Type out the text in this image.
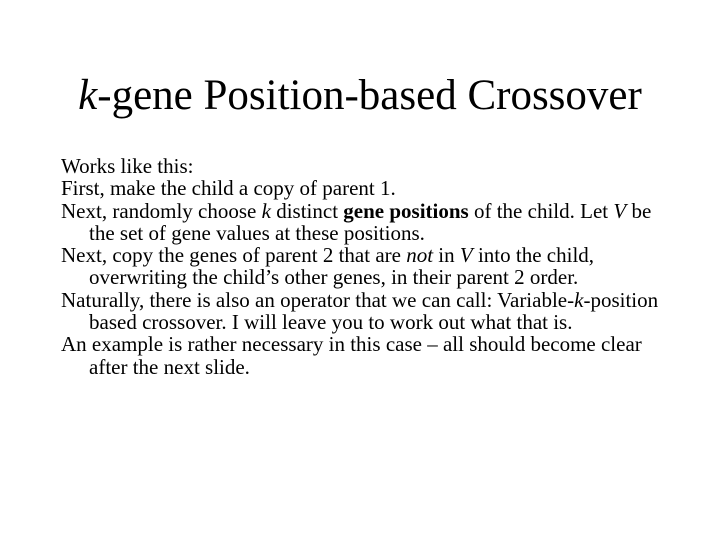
k-gene Position-based Crossover

Works like this:

First, make the child a copy of parent 1.

Next, randomly choose k distinct gene positions of the child. Let V be the set of gene values at these positions.

Next, copy the genes of parent 2 that are not in V into the child, overwriting the child’s other genes, in their parent 2 order.

Naturally, there is also an operator that we can call: Variable-k-position based crossover. I will leave you to work out what that is.

An example is rather necessary in this case – all should become clear after the next slide.
